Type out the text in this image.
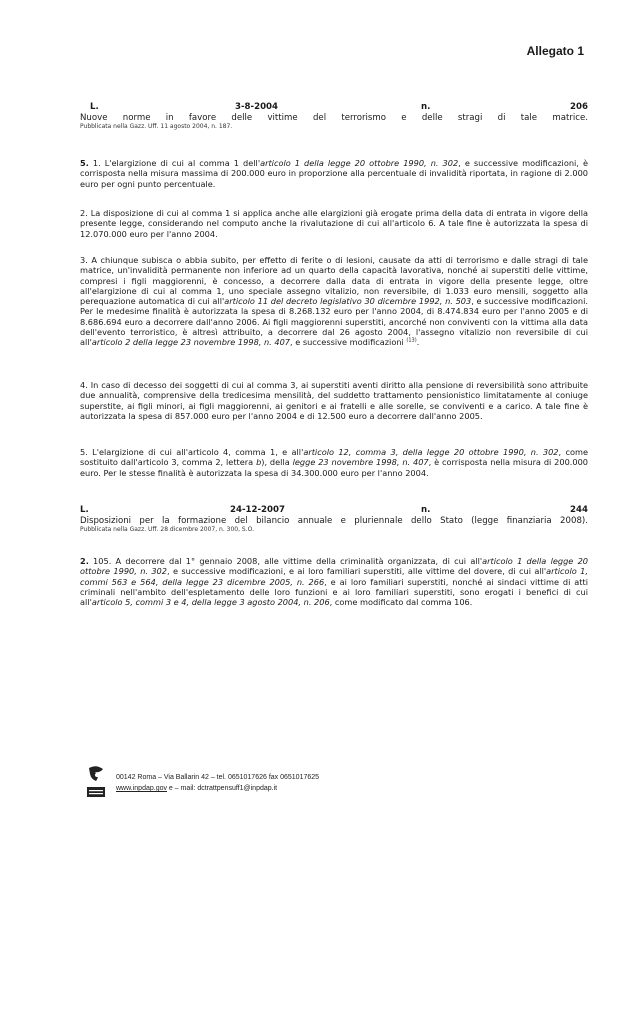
Allegato 1
L.	3-8-2004	n.	206
Nuove norme in favore delle vittime del terrorismo e delle stragi di tale matrice.
Pubblicata nella Gazz. Uff. 11 agosto 2004, n. 187.

5. 1. L'elargizione di cui al comma 1 dell'articolo 1 della legge 20 ottobre 1990, n. 302, e successive modificazioni, è corrisposta nella misura massima di 200.000 euro in proporzione alla percentuale di invalidità riportata, in ragione di 2.000 euro per ogni punto percentuale.

2. La disposizione di cui al comma 1 si applica anche alle elargizioni già erogate prima della data di entrata in vigore della presente legge, considerando nel computo anche la rivalutazione di cui all'articolo 6. A tale fine è autorizzata la spesa di 12.070.000 euro per l'anno 2004.

3. A chiunque subisca o abbia subito, per effetto di ferite o di lesioni, causate da atti di terrorismo e dalle stragi di tale matrice, un'invalidità permanente non inferiore ad un quarto della capacità lavorativa, nonché ai superstiti delle vittime, compresi i figli maggiorenni, è concesso, a decorrere dalla data di entrata in vigore della presente legge, oltre all'elargizione di cui al comma 1, uno speciale assegno vitalizio, non reversibile, di 1.033 euro mensili, soggetto alla perequazione automatica di cui all'articolo 11 del decreto legislativo 30 dicembre 1992, n. 503, e successive modificazioni. Per le medesime finalità è autorizzata la spesa di 8.268.132 euro per l'anno 2004, di 8.474.834 euro per l'anno 2005 e di 8.686.694 euro a decorrere dall'anno 2006. Ai figli maggiorenni superstiti, ancorché non conviventi con la vittima alla data dell'evento terroristico, è altresì attribuito, a decorrere dal 26 agosto 2004, l'assegno vitalizio non reversibile di cui all'articolo 2 della legge 23 novembre 1998, n. 407, e successive modificazioni $^{(13)}$.

4. In caso di decesso dei soggetti di cui al comma 3, ai superstiti aventi diritto alla pensione di reversibilità sono attribuite due annualità, comprensive della tredicesima mensilità, del suddetto trattamento pensionistico limitatamente al coniuge superstite, ai figli minori, ai figli maggiorenni, ai genitori e ai fratelli e alle sorelle, se conviventi e a carico. A tale fine è autorizzata la spesa di 857.000 euro per l'anno 2004 e di 12.500 euro a decorrere dall'anno 2005.

5. L'elargizione di cui all'articolo 4, comma 1, e all'articolo 12, comma 3, della legge 20 ottobre 1990, n. 302, come sostituito dall'articolo 3, comma 2, lettera b), della legge 23 novembre 1998, n. 407, è corrisposta nella misura di 200.000 euro. Per le stesse finalità è autorizzata la spesa di 34.300.000 euro per l'anno 2004.

L.	24-12-2007	n.	244
Disposizioni per la formazione del bilancio annuale e pluriennale dello Stato (legge finanziaria 2008).
Pubblicata nella Gazz. Uff. 28 dicembre 2007, n. 300, S.O.

2. 105. A decorrere dal 1° gennaio 2008, alle vittime della criminalità organizzata, di cui all'articolo 1 della legge 20 ottobre 1990, n. 302, e successive modificazioni, e ai loro familiari superstiti, alle vittime del dovere, di cui all'articolo 1, commi 563 e 564, della legge 23 dicembre 2005, n. 266, e ai loro familiari superstiti, nonché ai sindaci vittime di atti criminali nell'ambito dell'espletamento delle loro funzioni e ai loro familiari superstiti, sono erogati i benefici di cui all'articolo 5, commi 3 e 4, della legge 3 agosto 2004, n. 206, come modificato dal comma 106.

00142 Roma – Via Ballarin 42 – tel. 0651017626 fax 0651017625
www.inpdap.gov e – mail: dctrattpensuff1@inpdap.it
